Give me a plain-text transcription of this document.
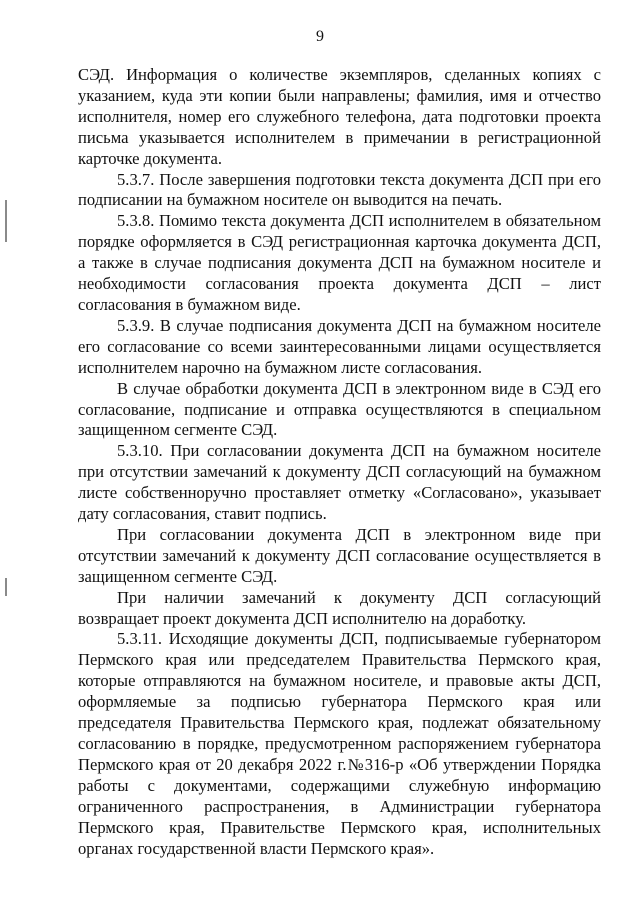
9

СЭД. Информация о количестве экземпляров, сделанных копиях с указанием, куда эти копии были направлены; фамилия, имя и отчество исполнителя, номер его служебного телефона, дата подготовки проекта письма указывается исполнителем в примечании в регистрационной карточке документа.

5.3.7. После завершения подготовки текста документа ДСП при его подписании на бумажном носителе он выводится на печать.

5.3.8. Помимо текста документа ДСП исполнителем в обязательном порядке оформляется в СЭД регистрационная карточка документа ДСП, а также в случае подписания документа ДСП на бумажном носителе и необходимости согласования проекта документа ДСП – лист согласования в бумажном виде.

5.3.9. В случае подписания документа ДСП на бумажном носителе его согласование со всеми заинтересованными лицами осуществляется исполнителем нарочно на бумажном листе согласования.

В случае обработки документа ДСП в электронном виде в СЭД его согласование, подписание и отправка осуществляются в специальном защищенном сегменте СЭД.

5.3.10. При согласовании документа ДСП на бумажном носителе при отсутствии замечаний к документу ДСП согласующий на бумажном листе собственноручно проставляет отметку «Согласовано», указывает дату согласования, ставит подпись.

При согласовании документа ДСП в электронном виде при отсутствии замечаний к документу ДСП согласование осуществляется в защищенном сегменте СЭД.

При наличии замечаний к документу ДСП согласующий возвращает проект документа ДСП исполнителю на доработку.

5.3.11. Исходящие документы ДСП, подписываемые губернатором Пермского края или председателем Правительства Пермского края, которые отправляются на бумажном носителе, и правовые акты ДСП, оформляемые за подписью губернатора Пермского края или председателя Правительства Пермского края, подлежат обязательному согласованию в порядке, предусмотренном распоряжением губернатора Пермского края от 20 декабря 2022 г.№316-р «Об утверждении Порядка работы с документами, содержащими служебную информацию ограниченного распространения, в Администрации губернатора Пермского края, Правительстве Пермского края, исполнительных органах государственной власти Пермского края».
